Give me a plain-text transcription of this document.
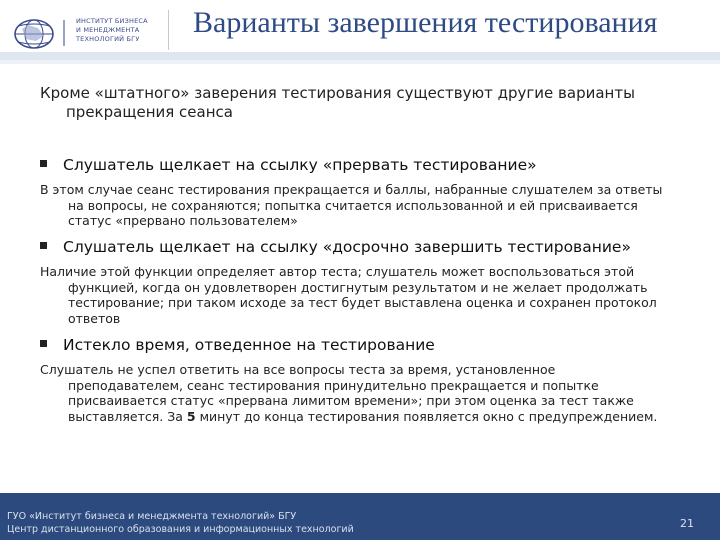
ИНСТИТУТ БИЗНЕСА
И МЕНЕДЖМЕНТА
ТЕХНОЛОГИЙ БГУ	Варианты завершения тестирования
Кроме «штатного» заверения тестирования существуют другие варианты
прекращения сеанса
Слушатель щелкает на ссылку «прервать тестирование»
В этом случае сеанс тестирования прекращается и баллы, набранные слушателем за ответы
на вопросы, не сохраняются; попытка считается использованной и ей присваивается
статус «прервано пользователем»
Слушатель щелкает на ссылку «досрочно завершить тестирование»
Наличие этой функции определяет автор теста; слушатель может воспользоваться этой
функцией, когда он удовлетворен достигнутым результатом и не желает продолжать
тестирование; при таком исходе за тест будет выставлена оценка и сохранен протокол
ответов
Истекло время, отведенное на тестирование
Слушатель не успел ответить на все вопросы теста за время, установленное
преподавателем, сеанс тестирования принудительно прекращается и попытке
присваивается статус «прервана лимитом времени»; при этом оценка за тест также
выставляется. За 5 минут до конца тестирования появляется окно с предупреждением.
ГУО «Институт бизнеса и менеджмента технологий» БГУ
Центр дистанционного образования и информационных технологий	21
